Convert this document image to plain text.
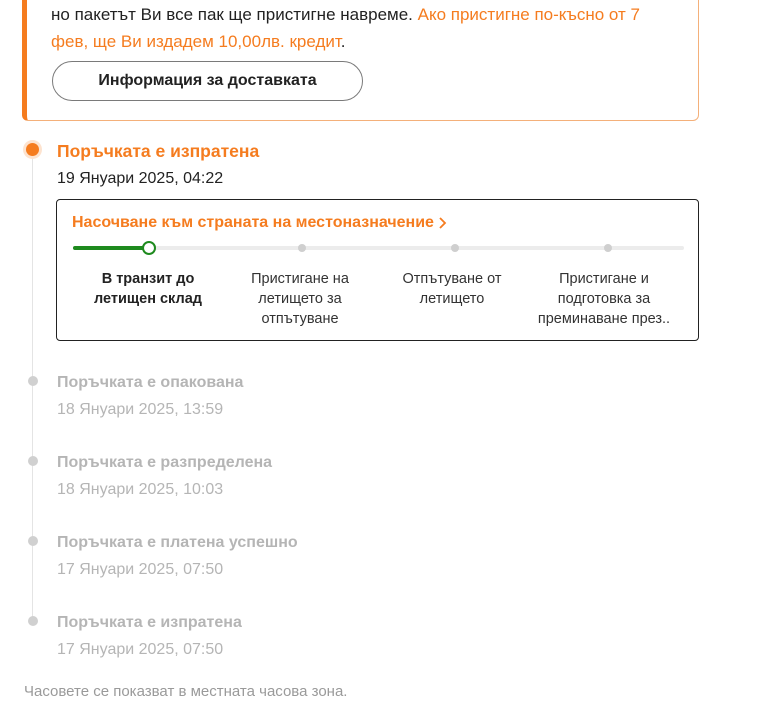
но пакетът Ви все пак ще пристигне навреме. Ако пристигне по-късно от 7 фев, ще Ви издадем 10,00лв. кредит.
Информация за доставката
Поръчката е изпратена
19 Януари 2025, 04:22
Насочване към страната на местоназначение
В транзит до летищен склад
Пристигане на летището за отпътуване
Отпътуване от летището
Пристигане и подготовка за преминаване през..
Поръчката е опакована
18 Януари 2025, 13:59
Поръчката е разпределена
18 Януари 2025, 10:03
Поръчката е платена успешно
17 Януари 2025, 07:50
Поръчката е изпратена
17 Януари 2025, 07:50
Часовете се показват в местната часова зона.
